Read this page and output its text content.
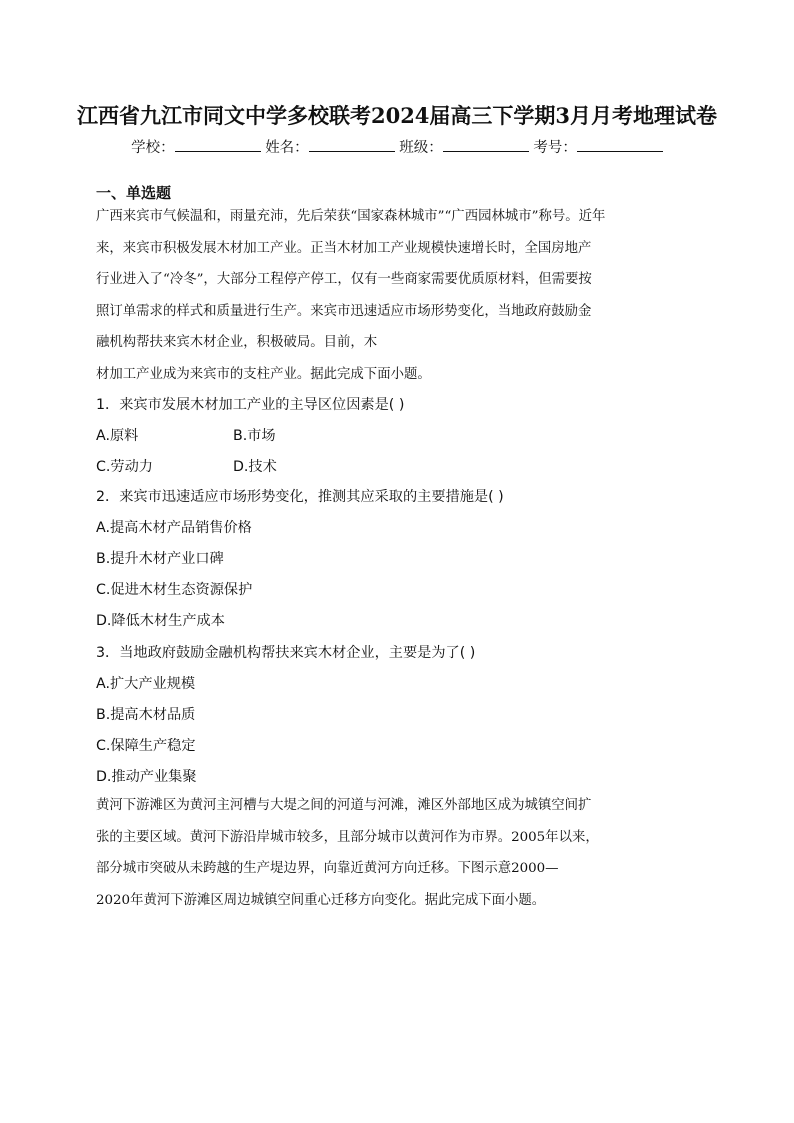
江西省九江市同文中学多校联考2024届高三下学期3月月考地理试卷
学校：	姓名：	班级：	考号：
一、单选题
广西来宾市气候温和，雨量充沛，先后荣获“国家森林城市”“广西园林城市”称号。近年
来，来宾市积极发展木材加工产业。正当木材加工产业规模快速增长时，全国房地产
行业进入了“冷冬”，大部分工程停产停工，仅有一些商家需要优质原材料，但需要按
照订单需求的样式和质量进行生产。来宾市迅速适应市场形势变化，当地政府鼓励金
融机构帮扶来宾木材企业，积极破局。目前，木
材加工产业成为来宾市的支柱产业。据此完成下面小题。
1．来宾市发展木材加工产业的主导区位因素是( )
A.原料	B.市场
C.劳动力	D.技术
2．来宾市迅速适应市场形势变化，推测其应采取的主要措施是( )
A.提高木材产品销售价格
B.提升木材产业口碑
C.促进木材生态资源保护
D.降低木材生产成本
3．当地政府鼓励金融机构帮扶来宾木材企业，主要是为了( )
A.扩大产业规模
B.提高木材品质
C.保障生产稳定
D.推动产业集聚
黄河下游滩区为黄河主河槽与大堤之间的河道与河滩，滩区外部地区成为城镇空间扩
张的主要区域。黄河下游沿岸城市较多，且部分城市以黄河作为市界。2005年以来，
部分城市突破从未跨越的生产堤边界，向靠近黄河方向迁移。下图示意2000—
2020年黄河下游滩区周边城镇空间重心迁移方向变化。据此完成下面小题。
